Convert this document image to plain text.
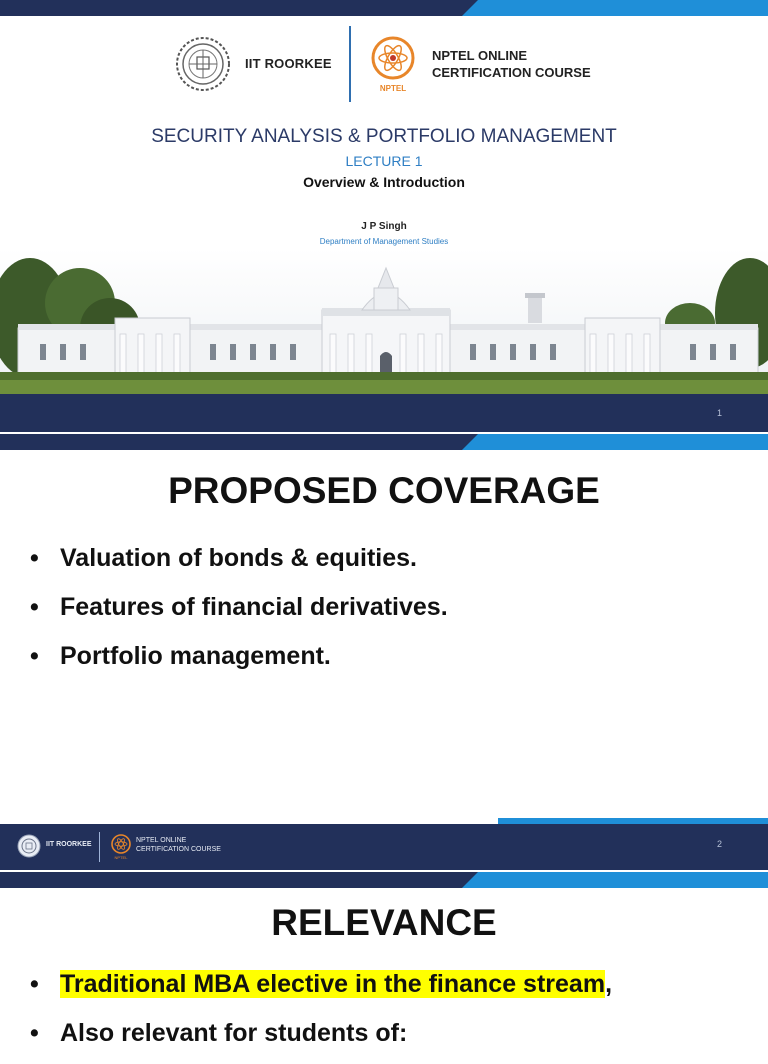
IIT ROORKEE
NPTEL
NPTEL ONLINE
CERTIFICATION COURSE
SECURITY ANALYSIS & PORTFOLIO MANAGEMENT
LECTURE 1
Overview & Introduction
J P Singh
Department of Management Studies
1
PROPOSED COVERAGE
• Valuation of bonds & equities.
• Features of financial derivatives.
• Portfolio management.
IIT ROORKEE
NPTEL
NPTEL ONLINE
CERTIFICATION COURSE
2
RELEVANCE
• Traditional MBA elective in the finance stream,
• Also relevant for students of:
